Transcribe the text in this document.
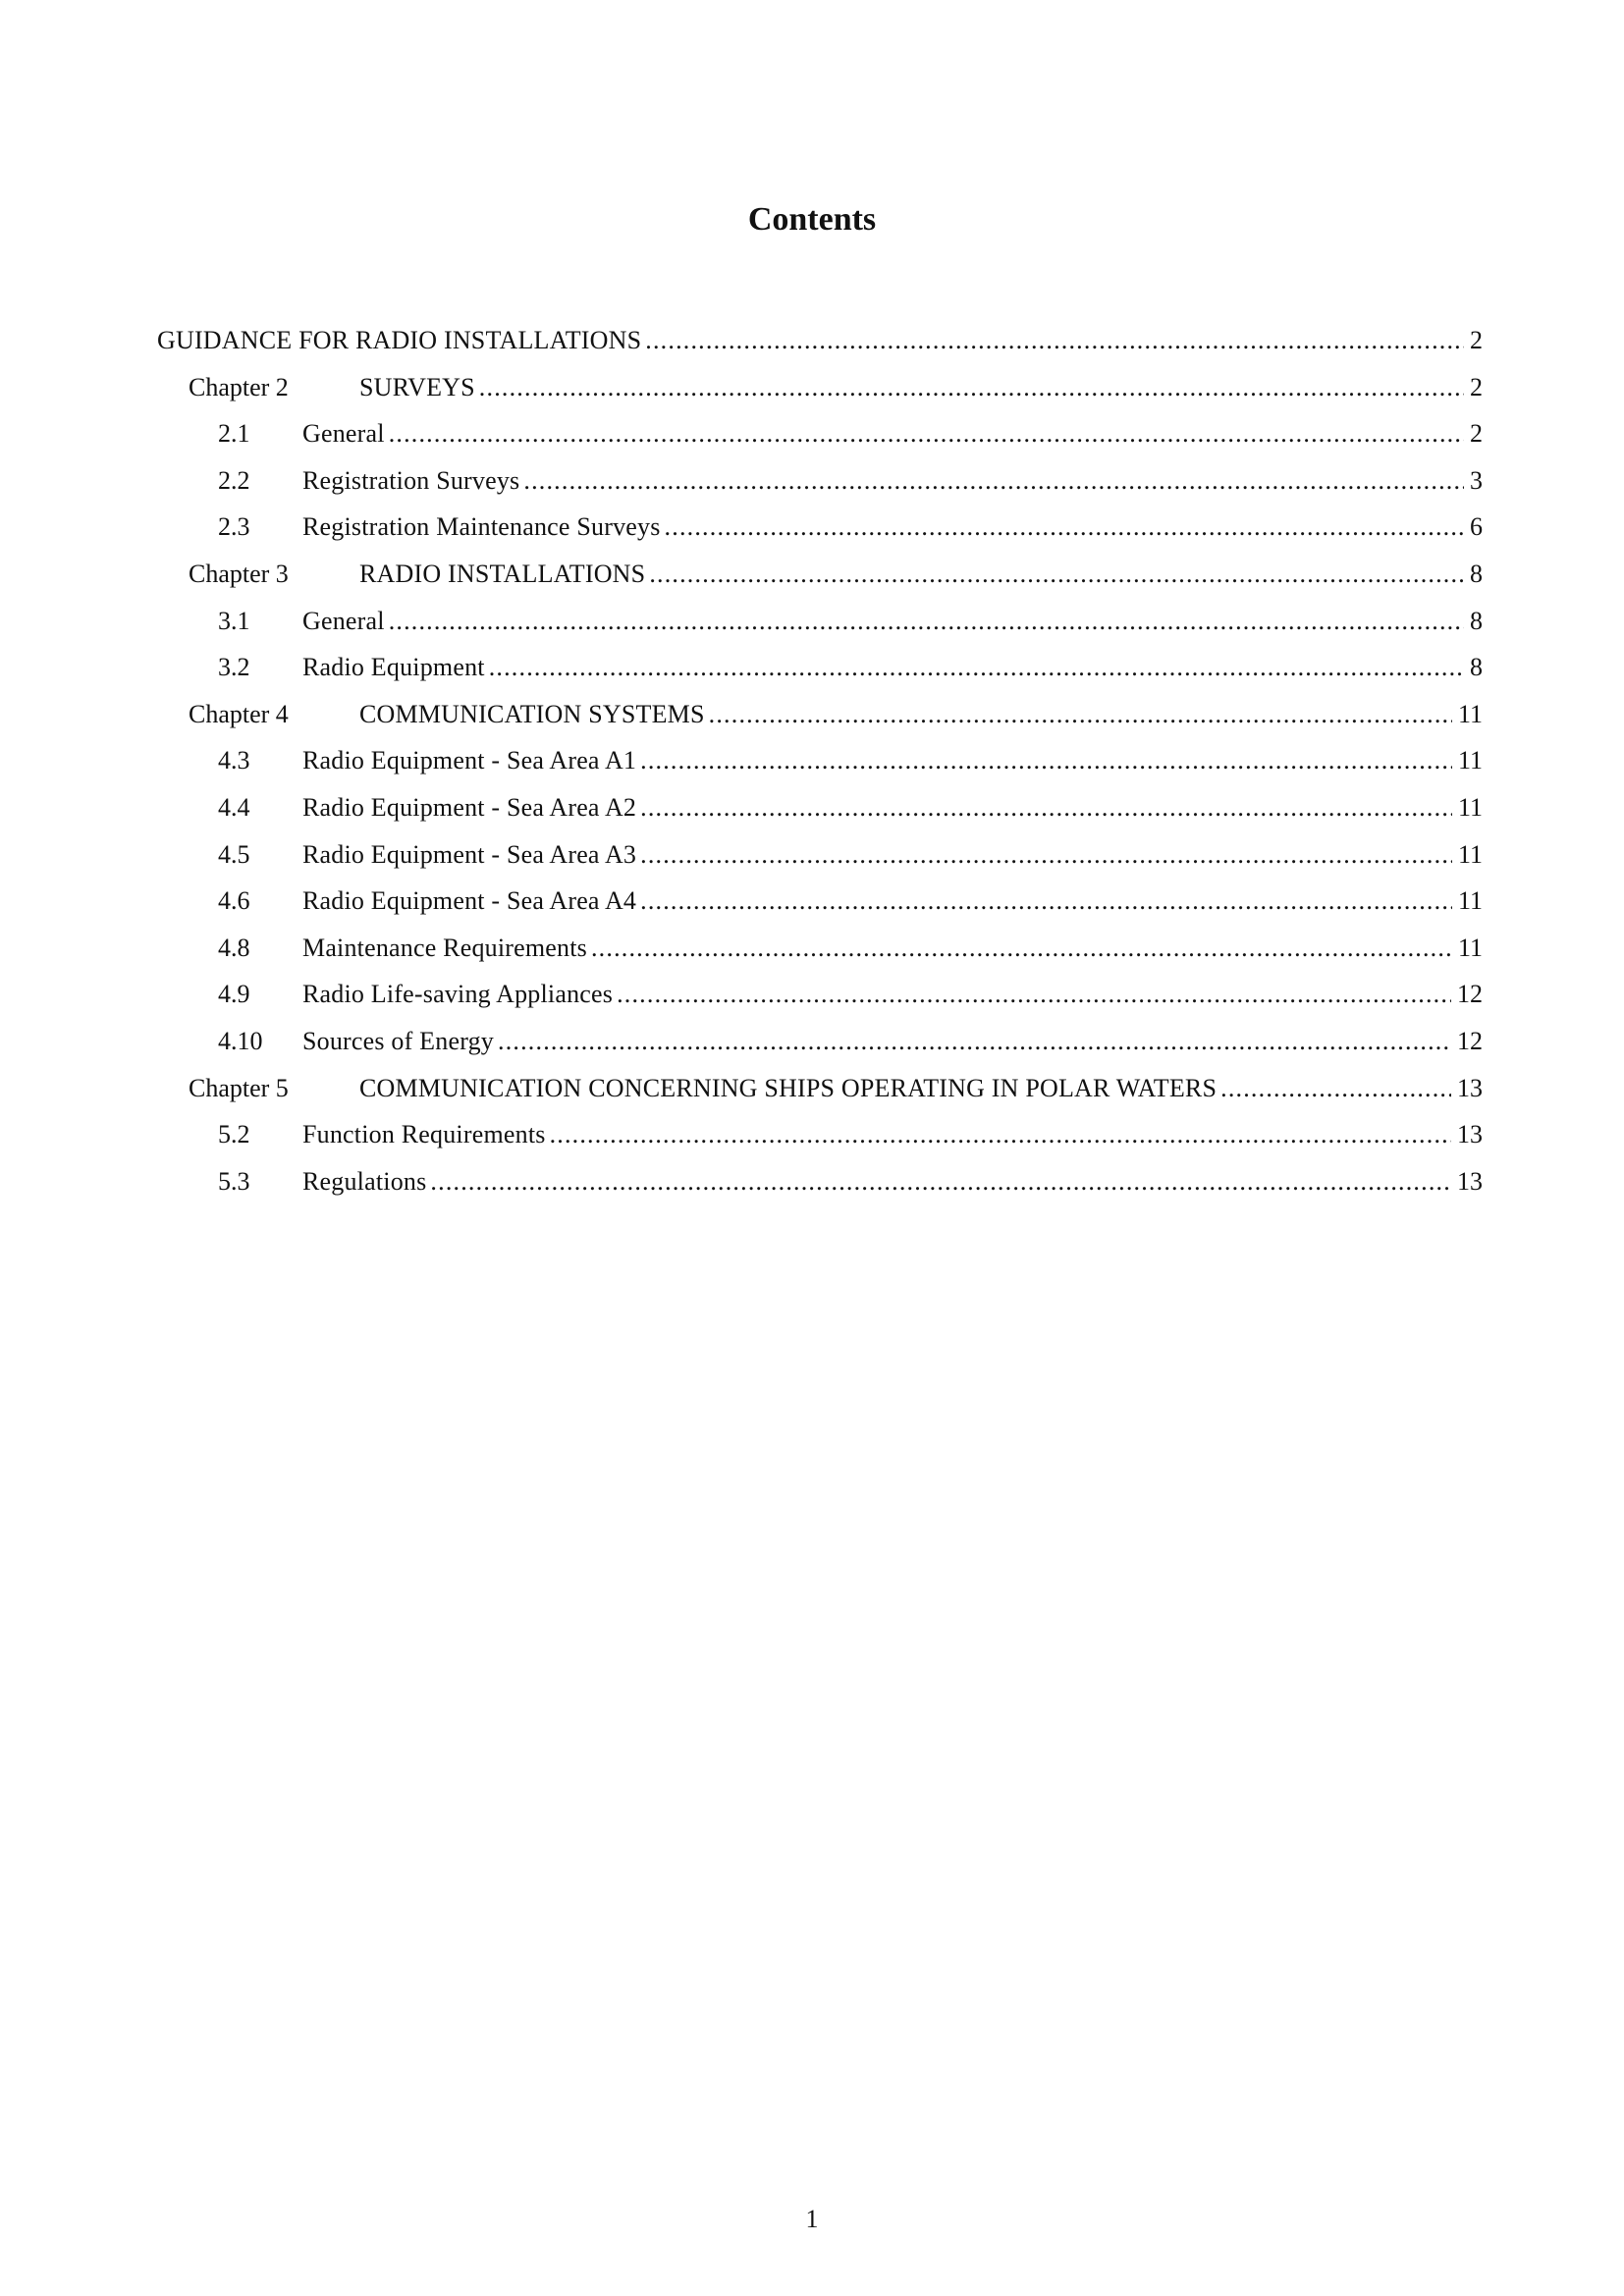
Contents
GUIDANCE FOR RADIO INSTALLATIONS .....	2
Chapter 2	SURVEYS .....	2
2.1	General .....	2
2.2	Registration Surveys .....	3
2.3	Registration Maintenance Surveys .....	6
Chapter 3	RADIO INSTALLATIONS .....	8
3.1	General .....	8
3.2	Radio Equipment .....	8
Chapter 4	COMMUNICATION SYSTEMS .....	11
4.3	Radio Equipment - Sea Area A1 .....	11
4.4	Radio Equipment - Sea Area A2 .....	11
4.5	Radio Equipment - Sea Area A3 .....	11
4.6	Radio Equipment - Sea Area A4 .....	11
4.8	Maintenance Requirements .....	11
4.9	Radio Life-saving Appliances .....	12
4.10	Sources of Energy .....	12
Chapter 5	COMMUNICATION CONCERNING SHIPS OPERATING IN POLAR WATERS .....	13
5.2	Function Requirements .....	13
5.3	Regulations .....	13
1
